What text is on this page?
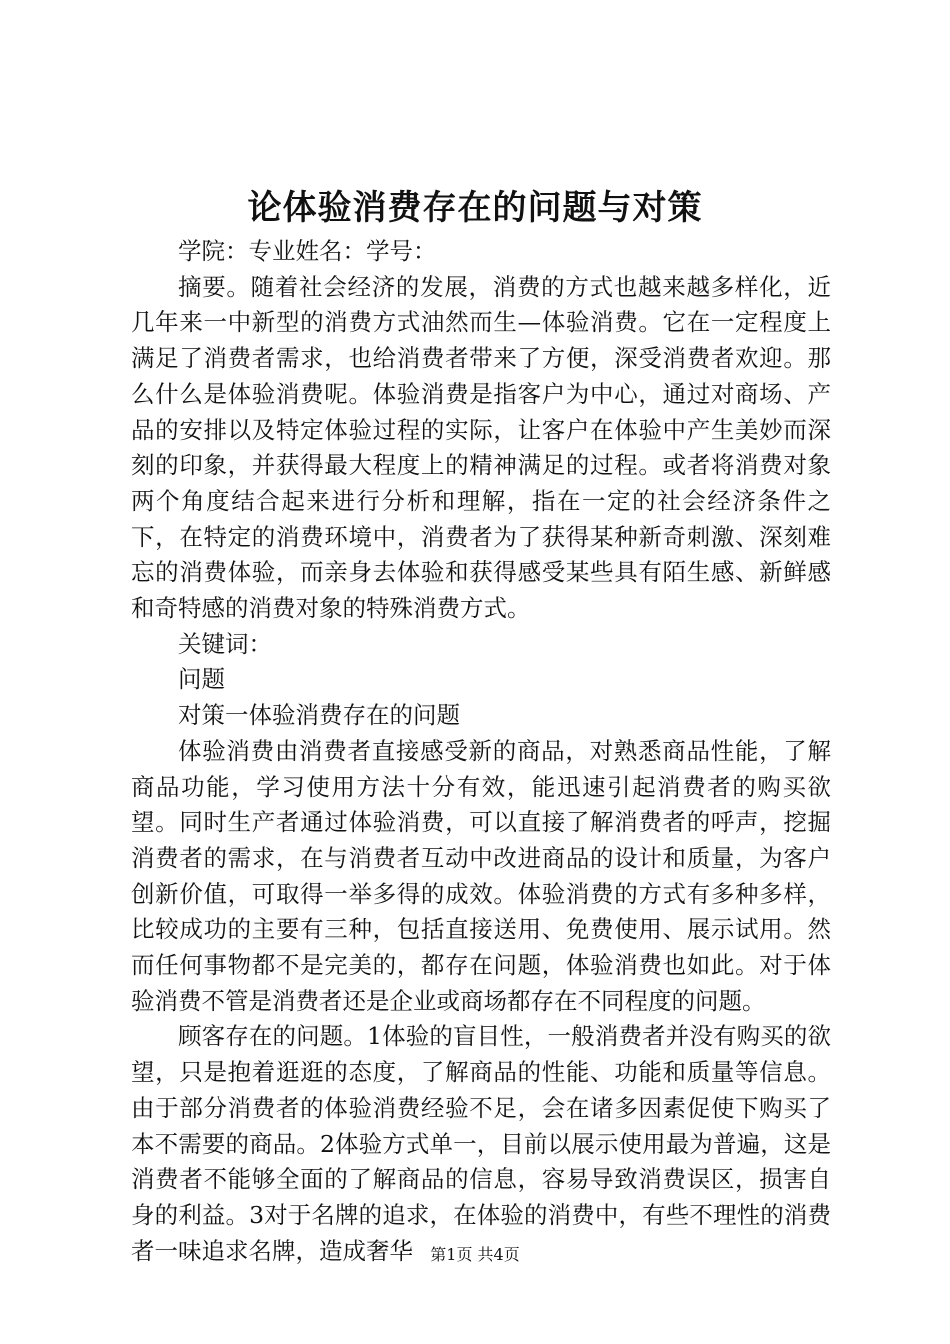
论体验消费存在的问题与对策

学院：专业姓名：学号：

摘要。随着社会经济的发展，消费的方式也越来越多样化，近几年来一中新型的消费方式油然而生—体验消费。它在一定程度上满足了消费者需求，也给消费者带来了方便，深受消费者欢迎。那么什么是体验消费呢。体验消费是指客户为中心，通过对商场、产品的安排以及特定体验过程的实际，让客户在体验中产生美妙而深刻的印象，并获得最大程度上的精神满足的过程。或者将消费对象两个角度结合起来进行分析和理解，指在一定的社会经济条件之下，在特定的消费环境中，消费者为了获得某种新奇刺激、深刻难忘的消费体验，而亲身去体验和获得感受某些具有陌生感、新鲜感和奇特感的消费对象的特殊消费方式。

关键词：

问题

对策一体验消费存在的问题

体验消费由消费者直接感受新的商品，对熟悉商品性能，了解商品功能，学习使用方法十分有效，能迅速引起消费者的购买欲望。同时生产者通过体验消费，可以直接了解消费者的呼声，挖掘消费者的需求，在与消费者互动中改进商品的设计和质量，为客户创新价值，可取得一举多得的成效。体验消费的方式有多种多样，比较成功的主要有三种，包括直接送用、免费使用、展示试用。然而任何事物都不是完美的，都存在问题，体验消费也如此。对于体验消费不管是消费者还是企业或商场都存在不同程度的问题。

顾客存在的问题。1体验的盲目性，一般消费者并没有购买的欲望，只是抱着逛逛的态度，了解商品的性能、功能和质量等信息。由于部分消费者的体验消费经验不足，会在诸多因素促使下购买了本不需要的商品。2体验方式单一，目前以展示使用最为普遍，这是消费者不能够全面的了解商品的信息，容易导致消费误区，损害自身的利益。3对于名牌的追求，在体验的消费中，有些不理性的消费者一味追求名牌，造成奢华	第1页 共4页
